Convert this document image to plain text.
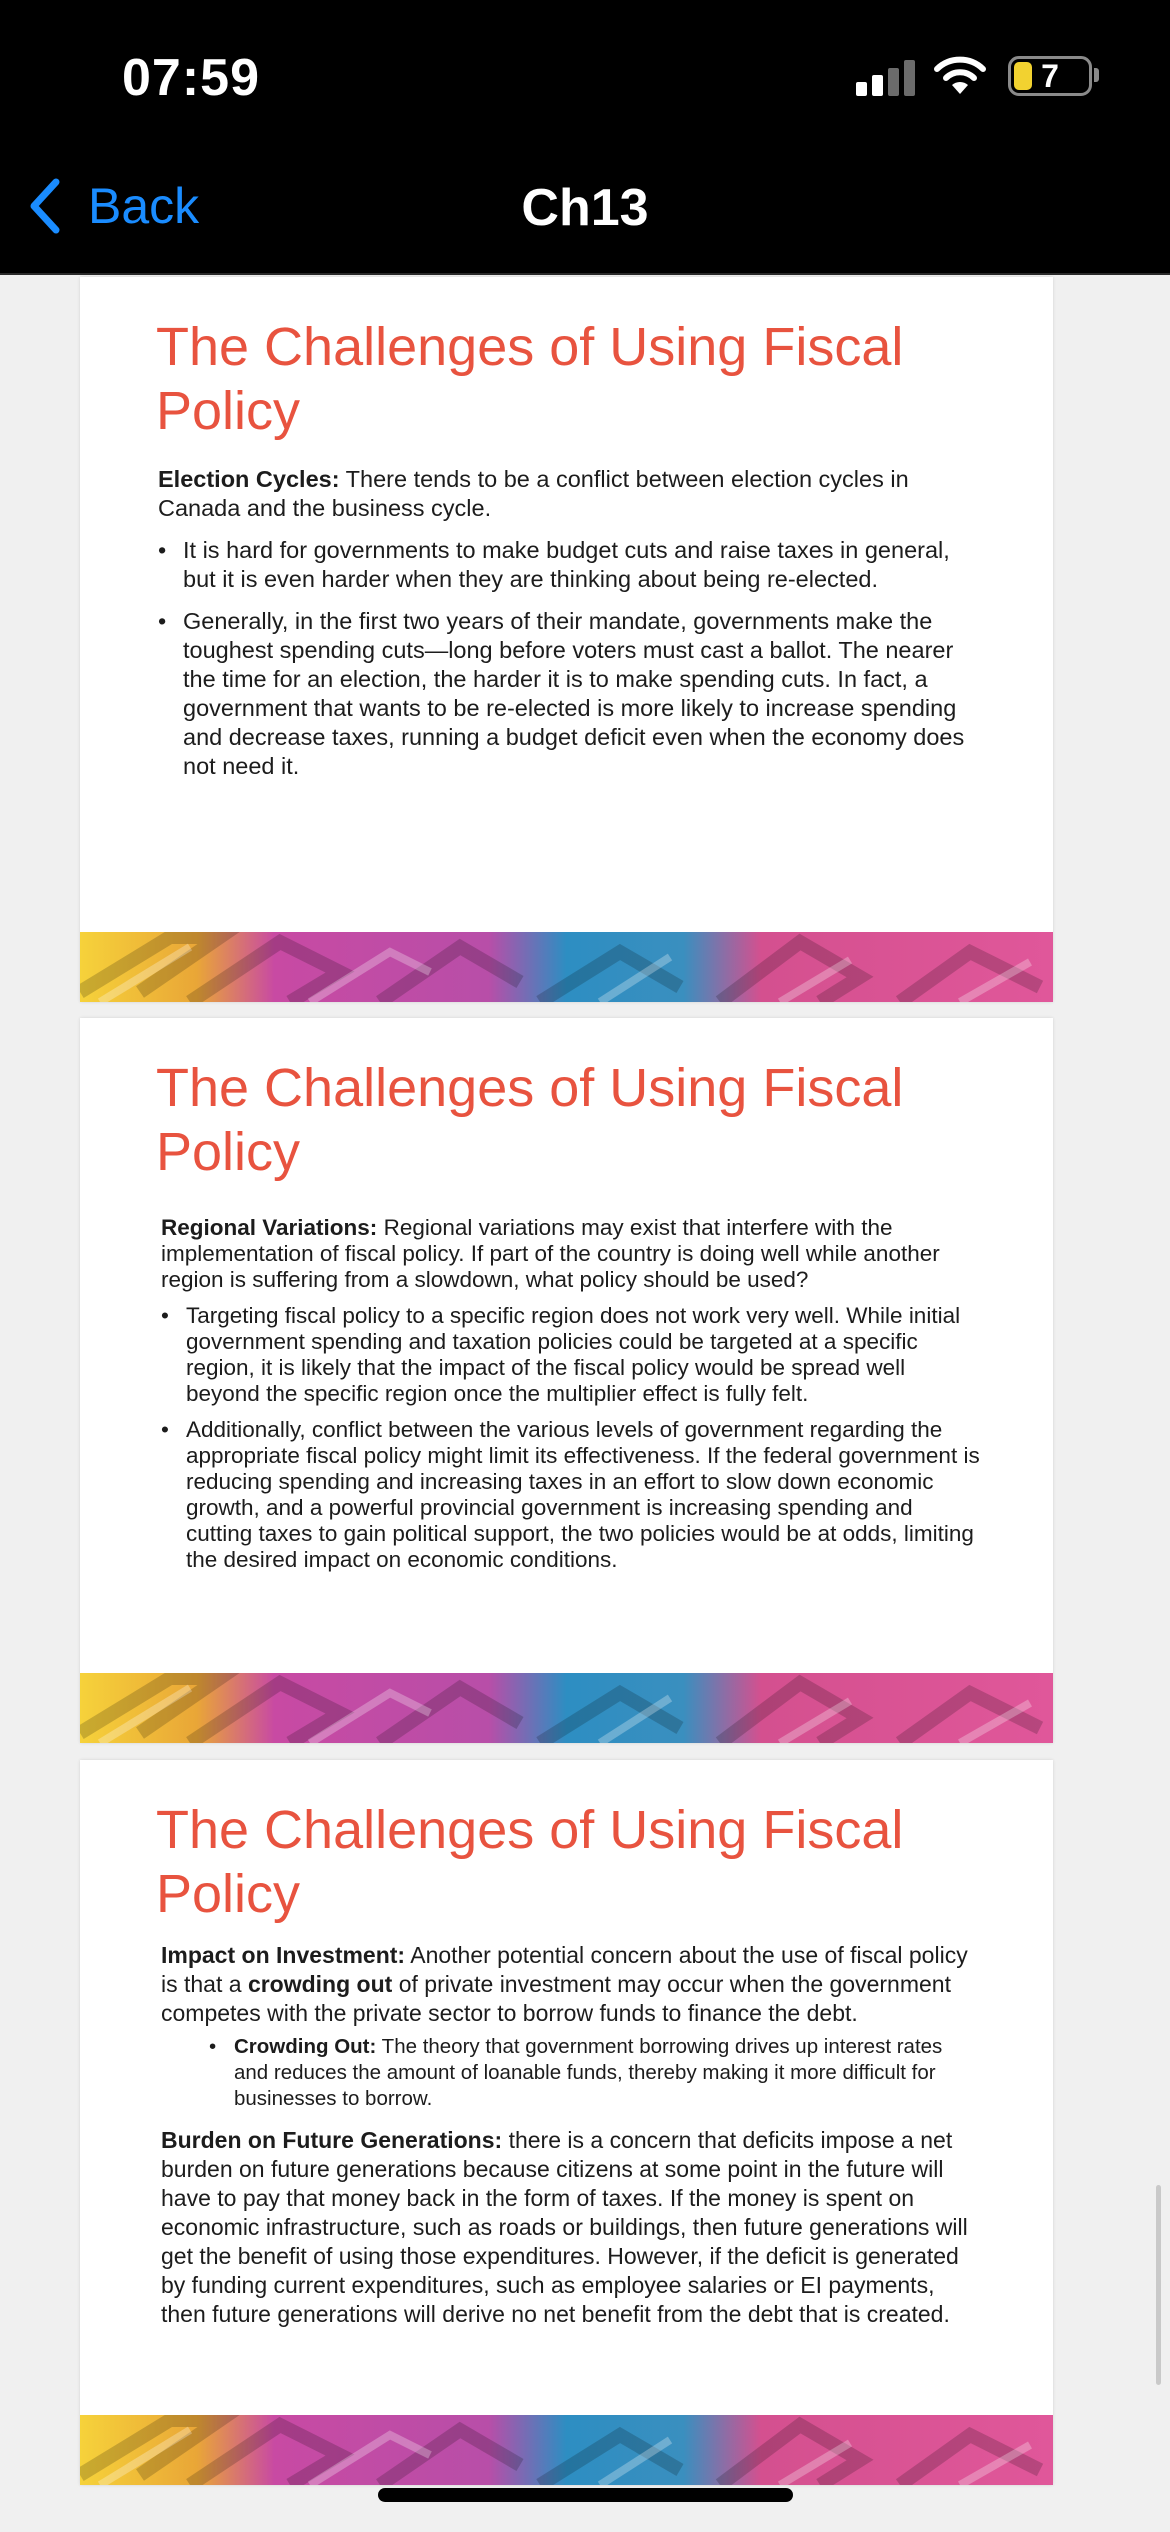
07:59	7
Back	Ch13
The Challenges of Using Fiscal Policy

Election Cycles: There tends to be a conflict between election cycles in Canada and the business cycle.

• It is hard for governments to make budget cuts and raise taxes in general, but it is even harder when they are thinking about being re-elected.
• Generally, in the first two years of their mandate, governments make the toughest spending cuts—long before voters must cast a ballot. The nearer the time for an election, the harder it is to make spending cuts. In fact, a government that wants to be re-elected is more likely to increase spending and decrease taxes, running a budget deficit even when the economy does not need it.
The Challenges of Using Fiscal Policy

Regional Variations: Regional variations may exist that interfere with the implementation of fiscal policy. If part of the country is doing well while another region is suffering from a slowdown, what policy should be used?

• Targeting fiscal policy to a specific region does not work very well. While initial government spending and taxation policies could be targeted at a specific region, it is likely that the impact of the fiscal policy would be spread well beyond the specific region once the multiplier effect is fully felt.
• Additionally, conflict between the various levels of government regarding the appropriate fiscal policy might limit its effectiveness. If the federal government is reducing spending and increasing taxes in an effort to slow down economic growth, and a powerful provincial government is increasing spending and cutting taxes to gain political support, the two policies would be at odds, limiting the desired impact on economic conditions.
The Challenges of Using Fiscal Policy

Impact on Investment: Another potential concern about the use of fiscal policy is that a crowding out of private investment may occur when the government competes with the private sector to borrow funds to finance the debt.

• Crowding Out: The theory that government borrowing drives up interest rates and reduces the amount of loanable funds, thereby making it more difficult for businesses to borrow.

Burden on Future Generations: there is a concern that deficits impose a net burden on future generations because citizens at some point in the future will have to pay that money back in the form of taxes. If the money is spent on economic infrastructure, such as roads or buildings, then future generations will get the benefit of using those expenditures. However, if the deficit is generated by funding current expenditures, such as employee salaries or EI payments, then future generations will derive no net benefit from the debt that is created.
